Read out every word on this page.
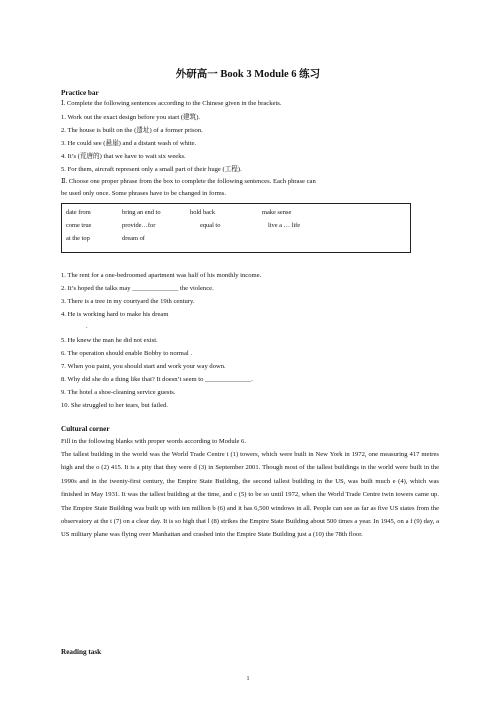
外研高一 Book 3 Module 6 练习
Practice bar
Ⅰ. Complete the following sentences according to the Chinese given in the brackets.
1. Work out the exact design before you start (建筑).
2. The house is built on the (遗址) of a former prison.
3. He could see (悬崖) and a distant wash of white.
4. It’s (荒唐的) that we have to wait six weeks.
5. For them, aircraft represent only a small part of their huge (工程).
Ⅱ. Choose one proper phrase from the box to complete the following sentences. Each phrase can
be used only once. Some phrases have to be changed in forms.
date from	bring an end to	hold back	make sense
come true	provide…for	equal to	live a … life
at the top	dream of
1. The rent for a one-bedroomed apartment was half of his monthly income.
2. It’s hoped the talks may ______________ the violence.
3. There is a tree in my courtyard the 19th century.
4. He is working hard to make his dream
.
5. He knew the man he did not exist.
6. The operation should enable Bobby to normal .
7. When you paint, you should start and work your way down.
8. Why did she do a thing like that? It doesn’t seem to ______________.
9. The hotel a shoe-cleaning service guests.
10. She struggled to her tears, but failed.
Cultural corner
Fill in the following blanks with proper words according to Module 6.
The tallest building in the world was the World Trade Centre t (1) towers, which were built in New York in 1972, one measuring 417 metres high and the o (2) 415. It is a pity that they were d (3) in September 2001. Though most of the tallest buildings in the world were built in the 1990s and in the twenty-first century, the Empire State Building, the second tallest building in the US, was built much e (4), which was finished in May 1931. It was the tallest building at the time, and c (5) to be so until 1972, when the World Trade Centre twin towers came up. The Empire State Building was built up with ten million b (6) and it has 6,500 windows in all. People can see as far as five US states from the observatory at the t (7) on a clear day. It is so high that l (8) strikes the Empire State Building about 500 times a year. In 1945, on a f (9) day, a US military plane was flying over Manhattan and crashed into the Empire State Building just a (10) the 78th floor.
Reading task
1
